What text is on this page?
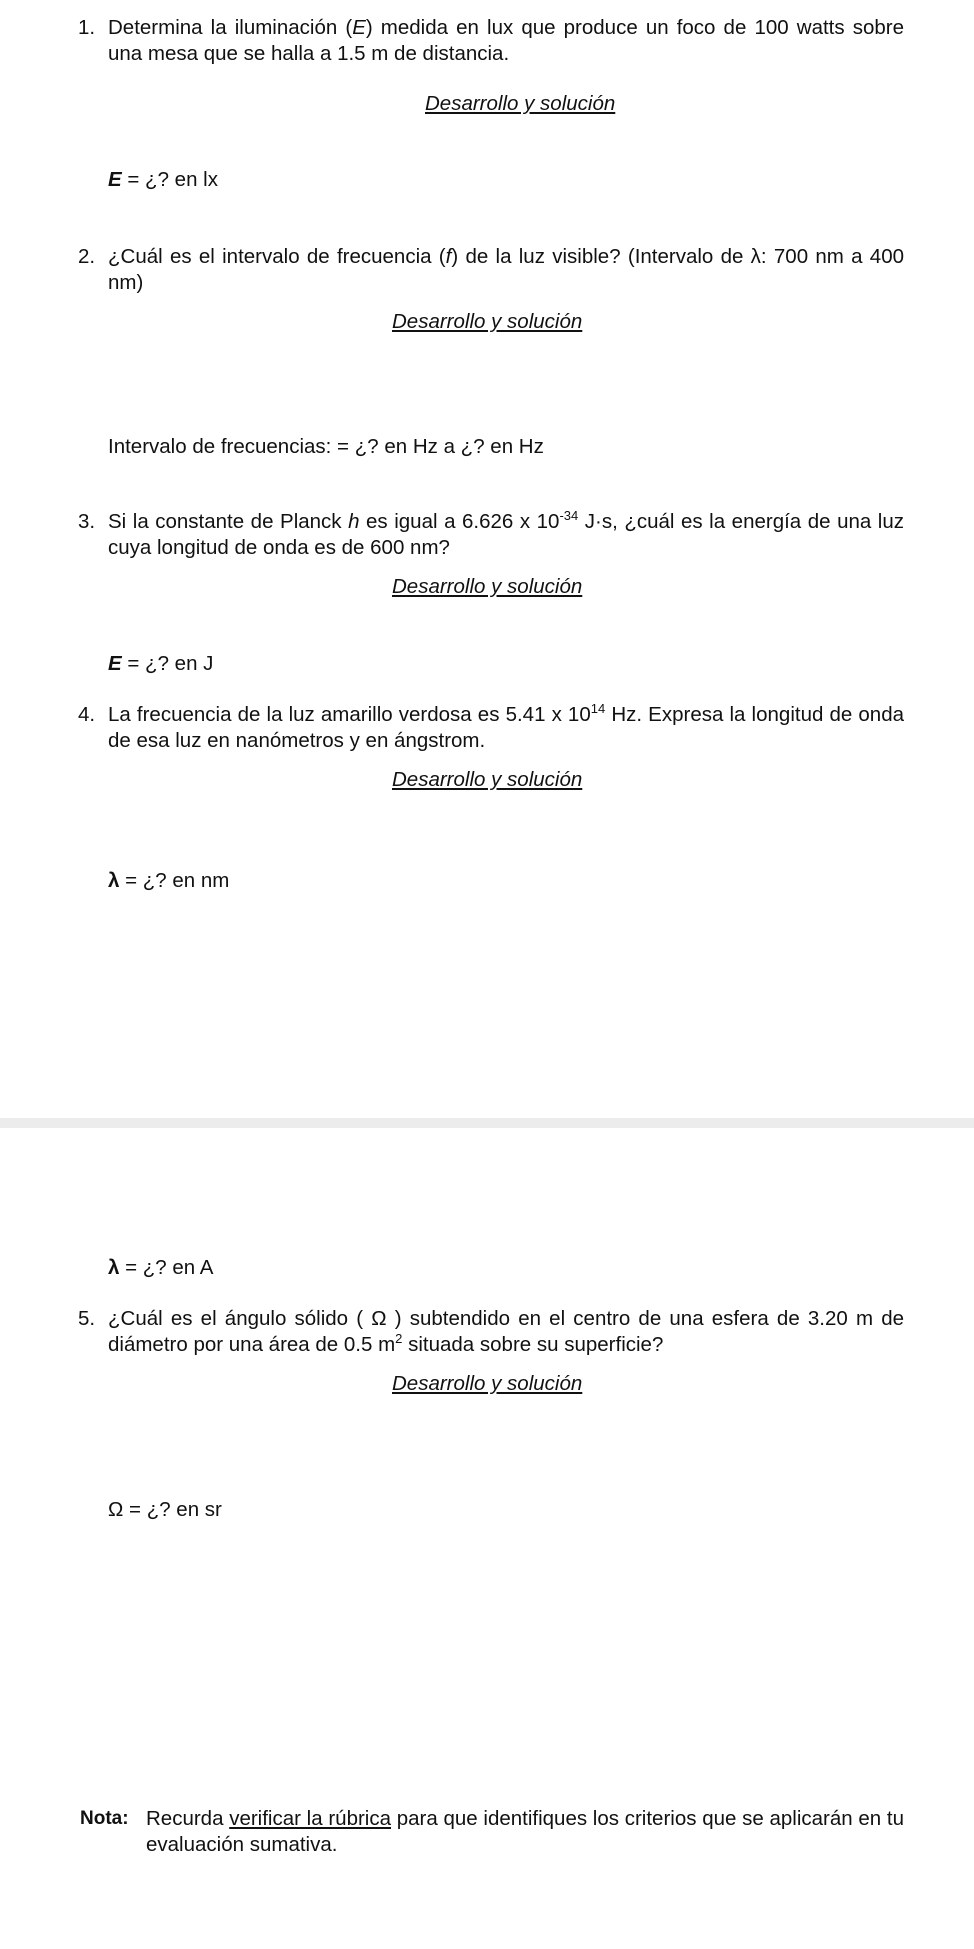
1. Determina la iluminación (E) medida en lux que produce un foco de 100 watts sobre una mesa que se halla a 1.5 m de distancia.
Desarrollo y solución
E = ¿? en lx
2. ¿Cuál es el intervalo de frecuencia (f) de la luz visible? (Intervalo de λ: 700 nm a 400 nm)
Desarrollo y solución
Intervalo de frecuencias: = ¿? en Hz a ¿? en Hz
3. Si la constante de Planck h es igual a 6.626 x $10^{-34}$ J·s, ¿cuál es la energía de una luz cuya longitud de onda es de 600 nm?
Desarrollo y solución
E = ¿? en J
4. La frecuencia de la luz amarillo verdosa es 5.41 x $10^{14}$ Hz. Expresa la longitud de onda de esa luz en nanómetros y en ángstrom.
Desarrollo y solución
λ = ¿? en nm
λ = ¿? en A
5. ¿Cuál es el ángulo sólido ( Ω ) subtendido en el centro de una esfera de 3.20 m de diámetro por una área de 0.5 $m^2$ situada sobre su superficie?
Desarrollo y solución
Ω = ¿? en sr
Nota: Recurda verificar la rúbrica para que identifiques los criterios que se aplicarán en tu evaluación sumativa.
